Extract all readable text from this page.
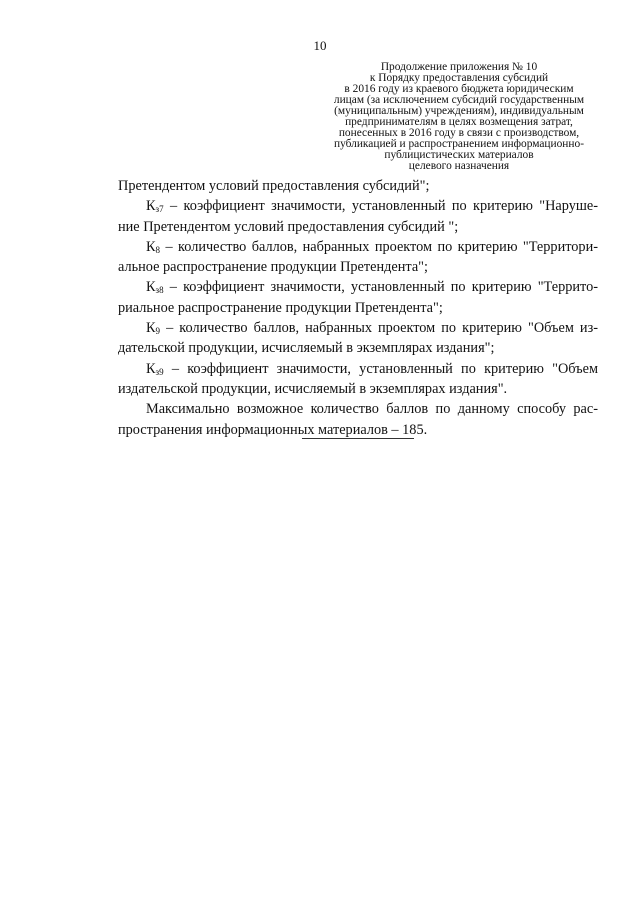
10
Продолжение приложения № 10
к Порядку предоставления субсидий
в 2016 году из краевого бюджета юридическим
лицам (за исключением субсидий государственным
(муниципальным) учреждениям), индивидуальным
предпринимателям в целях возмещения затрат,
понесенных в 2016 году в связи с производством,
публикацией и распространением информационно-
публицистических материалов
целевого назначения
Претендентом условий предоставления субсидий";
$К_{з7}$ – коэффициент значимости, установленный по критерию "Наруше-
ние Претендентом условий предоставления субсидий ";
$К_8$ – количество баллов, набранных проектом по критерию "Территори-
альное распространение продукции Претендента";
$К_{з8}$ – коэффициент значимости, установленный по критерию "Террито-
риальное распространение продукции Претендента";
$К_9$ – количество баллов, набранных проектом по критерию "Объем из-
дательской продукции, исчисляемый в экземплярах издания";
$К_{з9}$ – коэффициент значимости, установленный по критерию "Объем
издательской продукции, исчисляемый в экземплярах издания".
Максимально возможное количество баллов по данному способу рас-
пространения информационных материалов – 185.
